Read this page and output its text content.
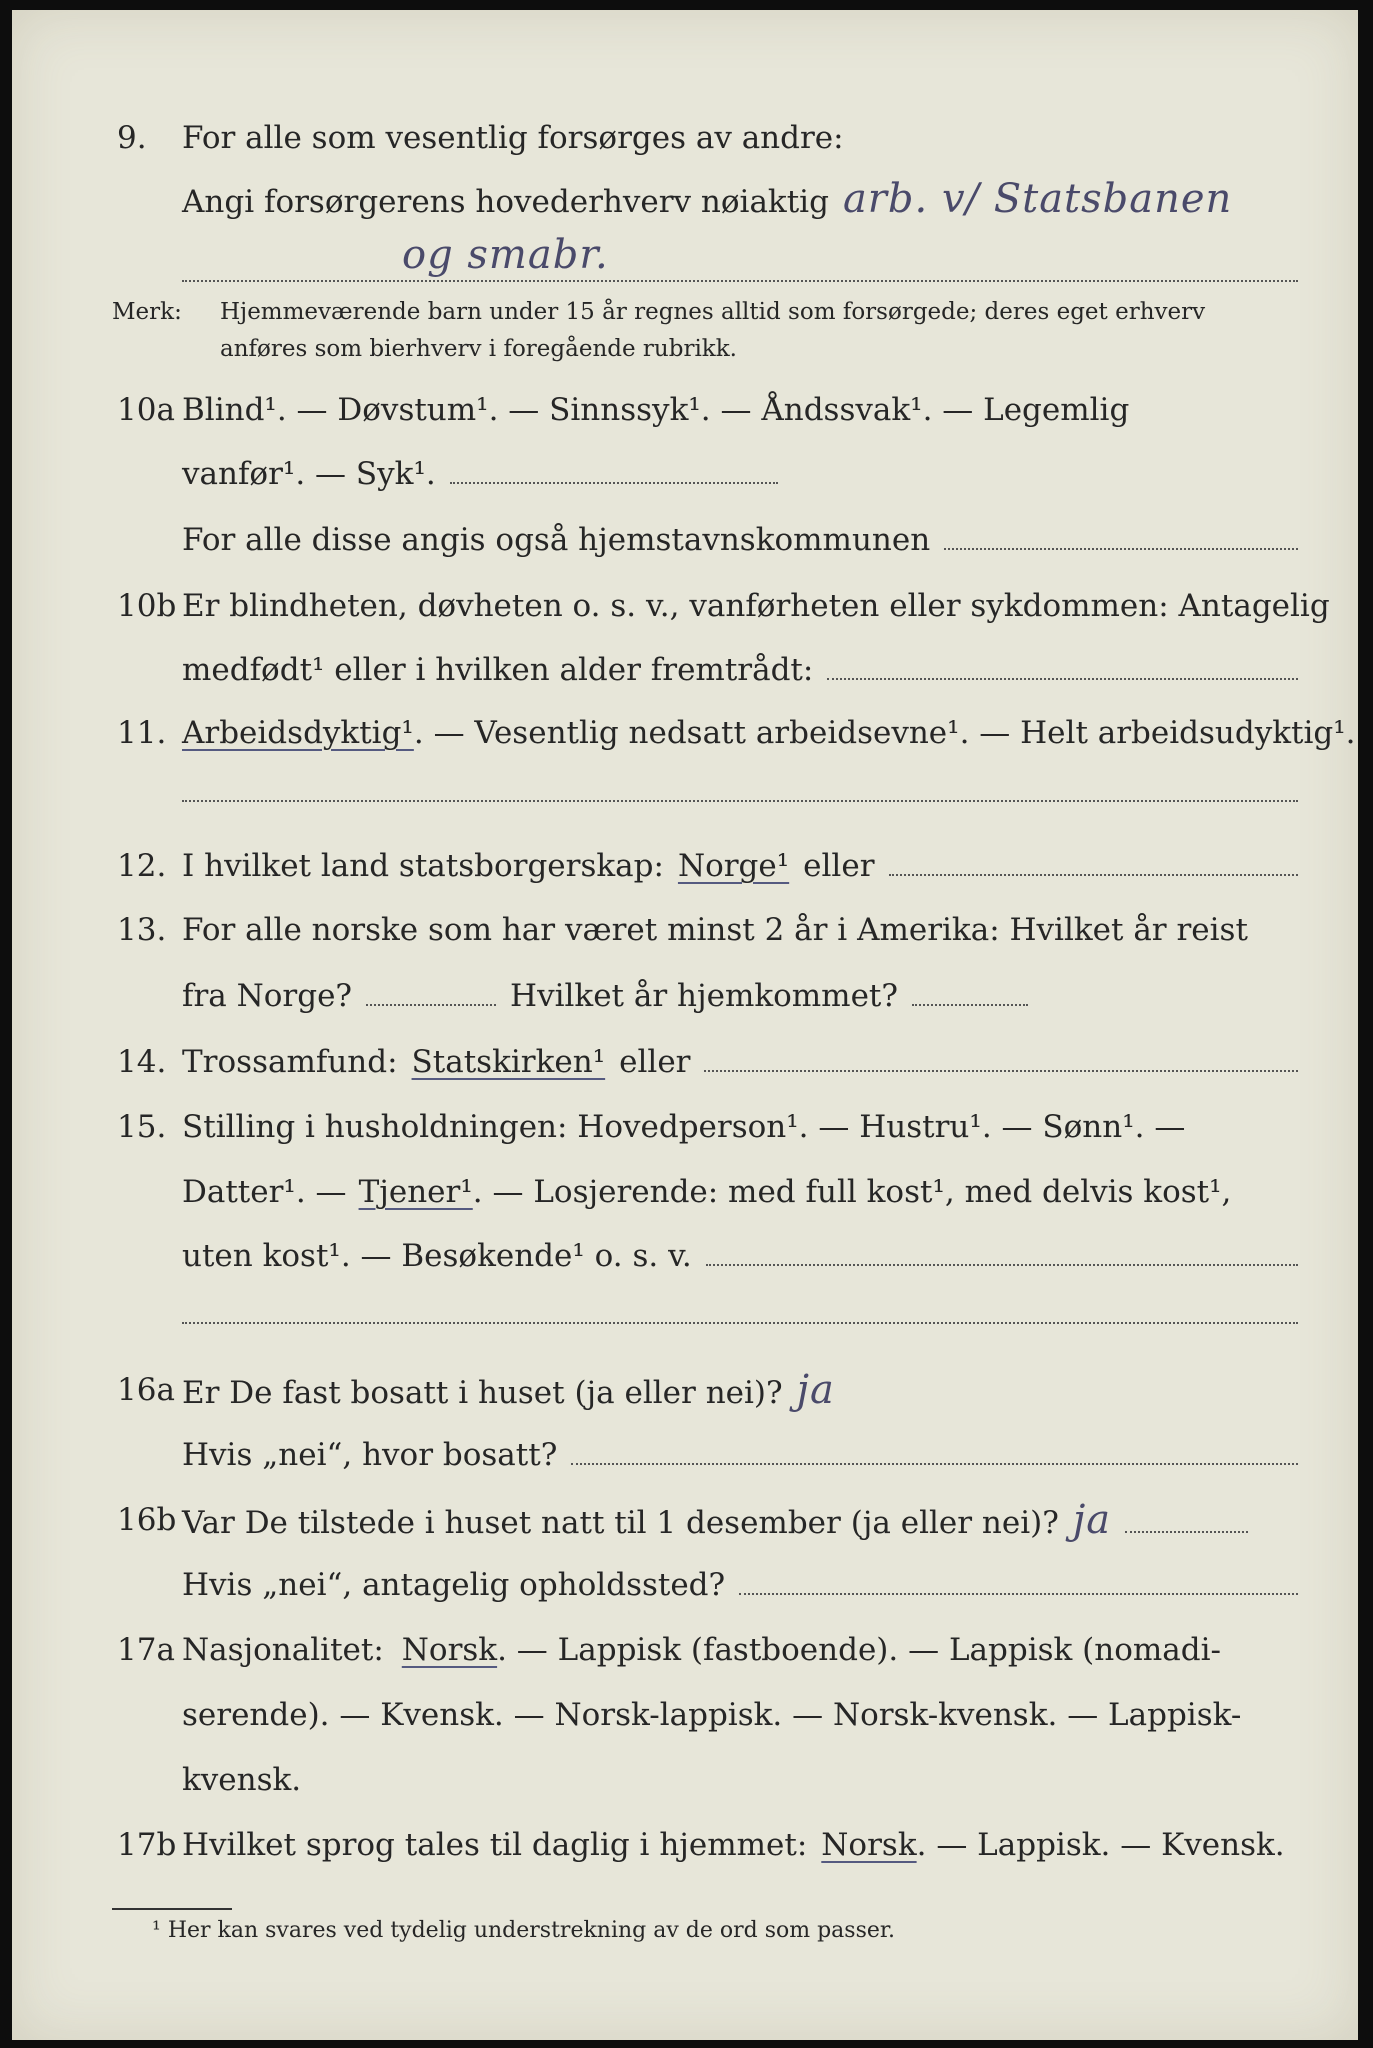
9. For alle som vesentlig forsørges av andre:
Angi forsørgerens hovederhverv nøiaktig arb. v/ Statsbanen
og smabr.
Merk: Hjemmeværende barn under 15 år regnes alltid som forsørgede; deres eget erhverv
anføres som bierhverv i foregående rubrikk.
10a Blind¹. — Døvstum¹. — Sinnssyk¹. — Åndssvak¹. — Legemlig
vanfør¹. — Syk¹.
For alle disse angis også hjemstavnskommunen
10b Er blindheten, døvheten o. s. v., vanførheten eller sykdommen: Antagelig
medfødt¹ eller i hvilken alder fremtrådt:
11. Arbeidsdyktig¹ . — Vesentlig nedsatt arbeidsevne¹. — Helt arbeidsudyktig¹.
12. I hvilket land statsborgerskap: Norge¹ eller
13. For alle norske som har været minst 2 år i Amerika: Hvilket år reist
fra Norge?	Hvilket år hjemkommet?
14. Trossamfund: Statskirken¹ eller
15. Stilling i husholdningen: Hovedperson¹. — Hustru¹. — Sønn¹. —
Datter¹. — Tjener¹ . — Losjerende: med full kost¹, med delvis kost¹,
uten kost¹. — Besøkende¹ o. s. v.
16a Er De fast bosatt i huset (ja eller nei)? ja
Hvis „nei“, hvor bosatt?
16b Var De tilstede i huset natt til 1 desember (ja eller nei)? ja
Hvis „nei“, antagelig opholdssted?
17a Nasjonalitet: Norsk . — Lappisk (fastboende). — Lappisk (nomadi-
serende). — Kvensk. — Norsk-lappisk. — Norsk-kvensk. — Lappisk-
kvensk.
17b Hvilket sprog tales til daglig i hjemmet: Norsk . — Lappisk. — Kvensk.
¹ Her kan svares ved tydelig understrekning av de ord som passer.
